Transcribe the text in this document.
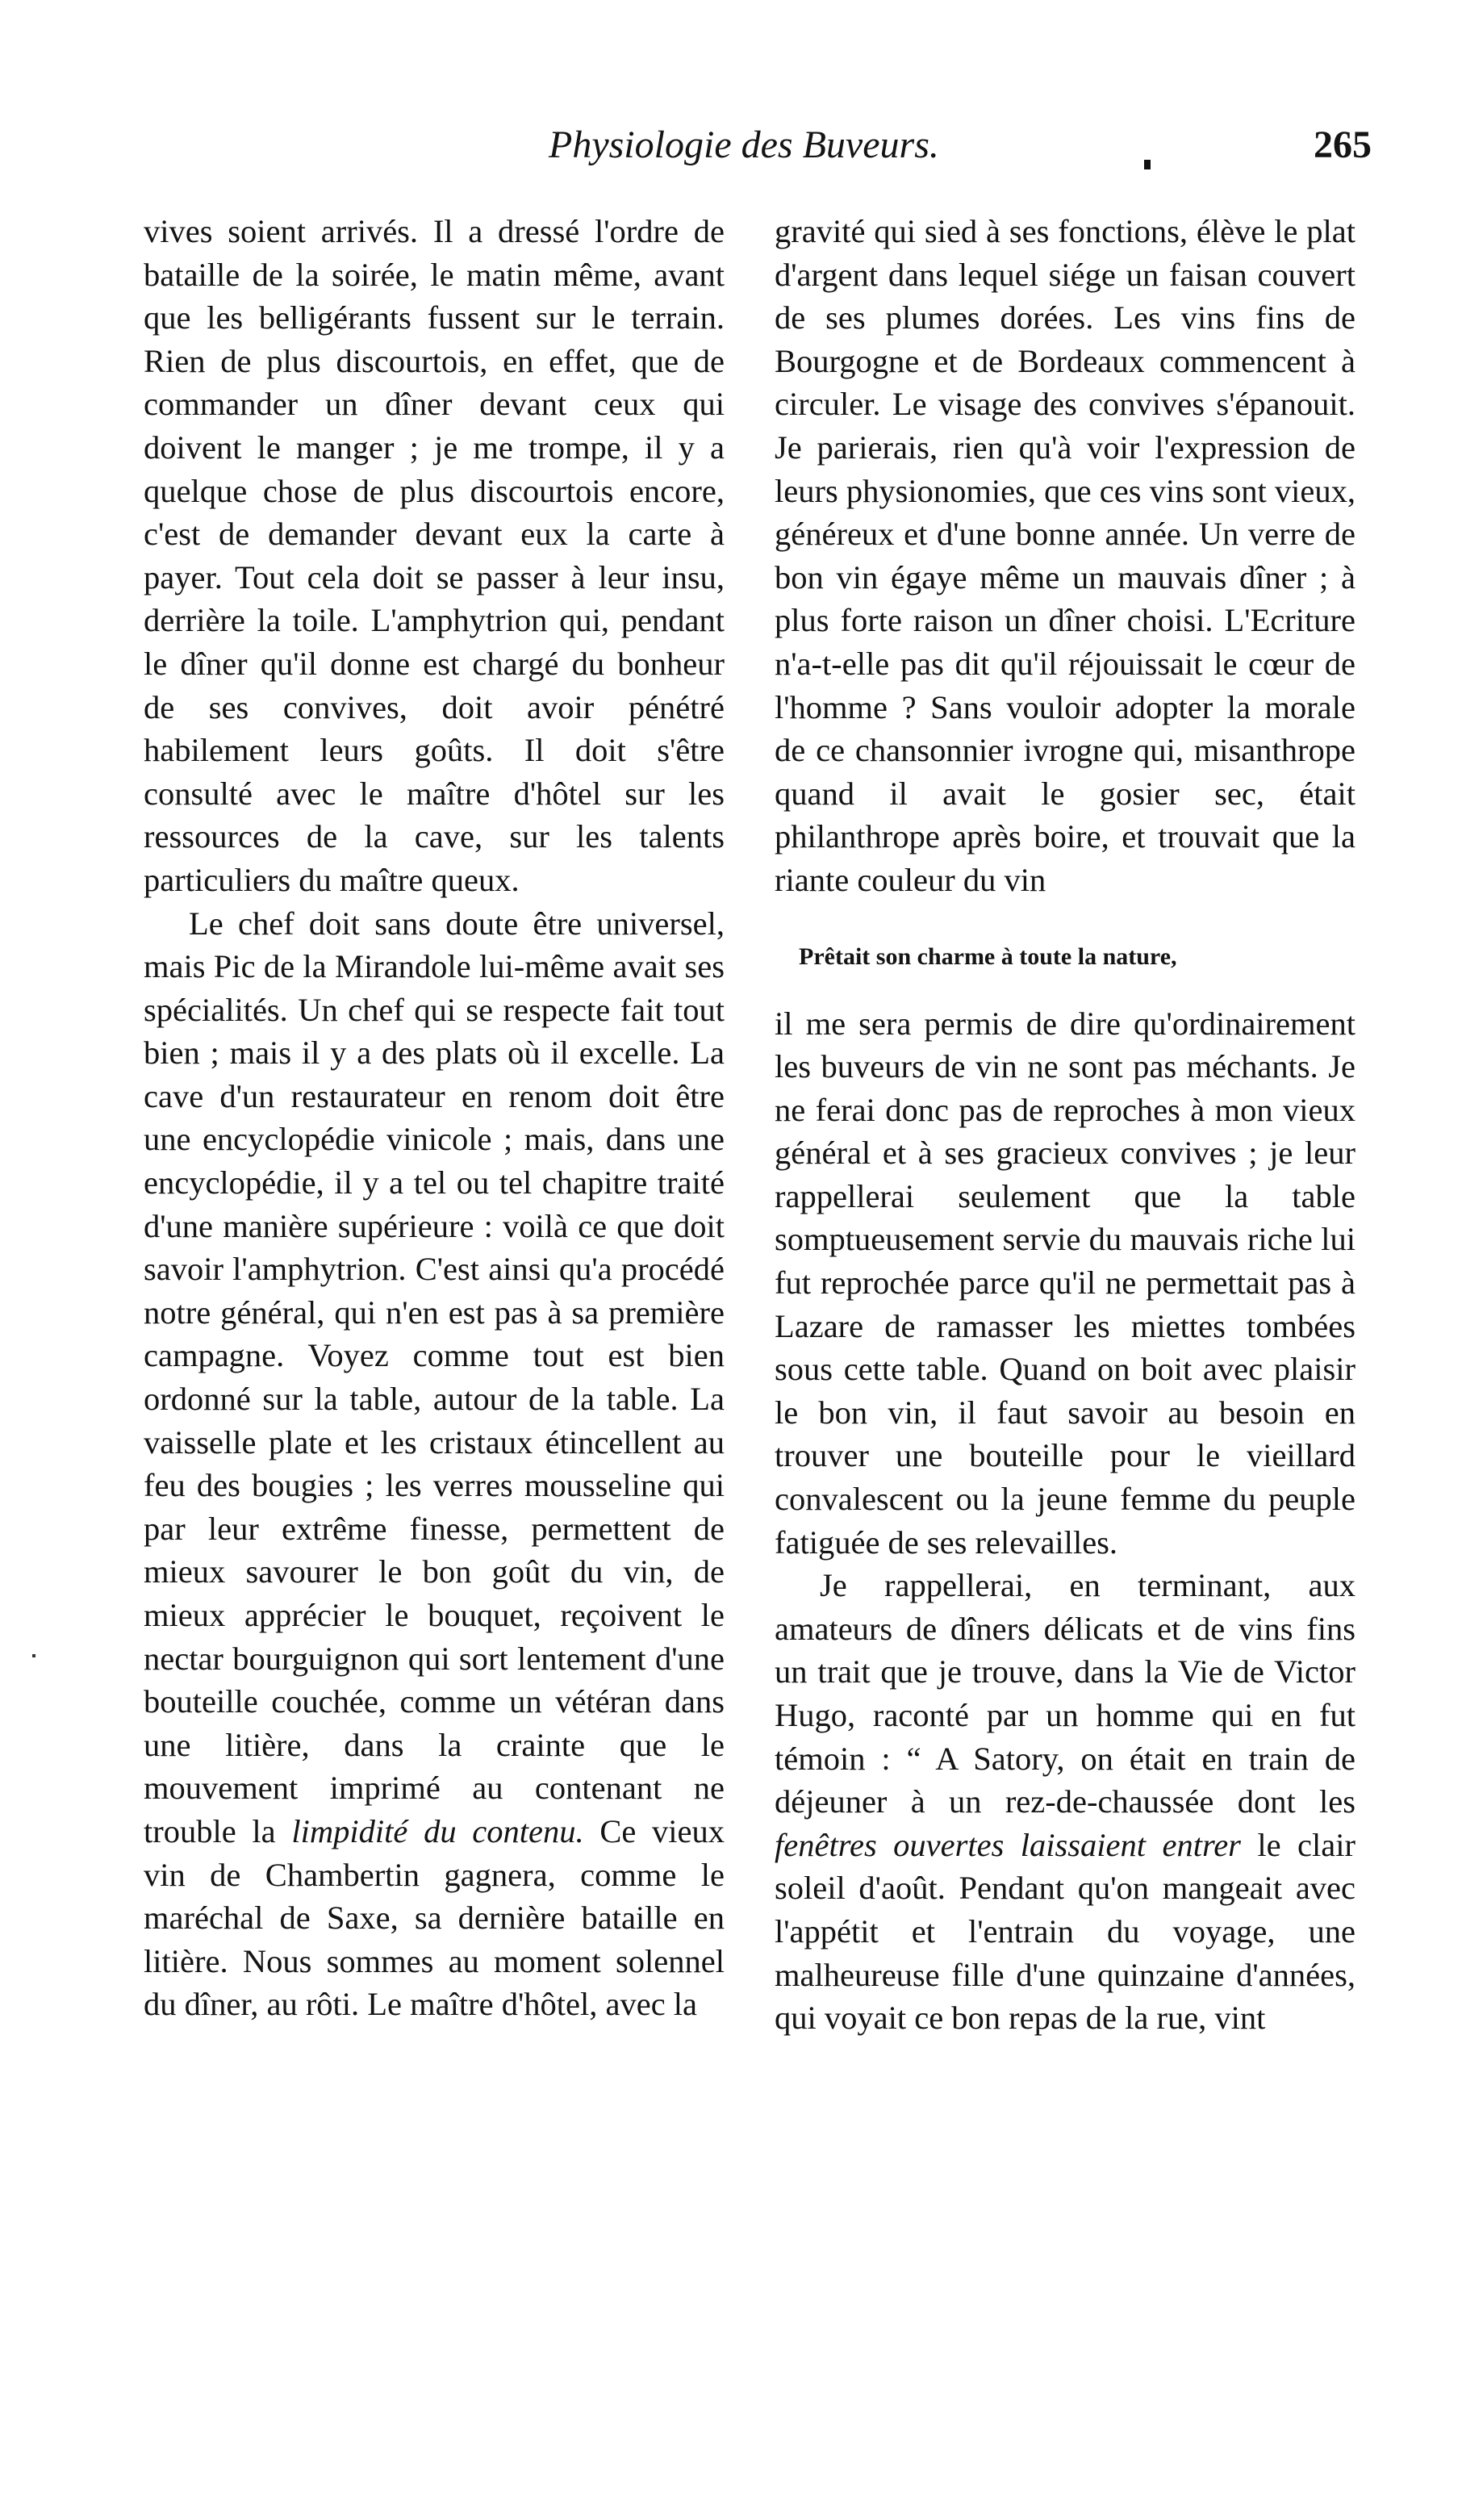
Physiologie des Buveurs.	265

vives soient arrivés. Il a dressé l'ordre de bataille de la soirée, le matin même, avant que les belligérants fussent sur le terrain. Rien de plus discourtois, en effet, que de commander un dîner devant ceux qui doivent le manger ; je me trompe, il y a quelque chose de plus discourtois encore, c'est de demander devant eux la carte à payer. Tout cela doit se passer à leur insu, derrière la toile. L'amphytrion qui, pendant le dîner qu'il donne est chargé du bonheur de ses convives, doit avoir pénétré habilement leurs goûts. Il doit s'être consulté avec le maître d'hôtel sur les ressources de la cave, sur les talents particuliers du maître queux.

Le chef doit sans doute être universel, mais Pic de la Mirandole lui-même avait ses spécialités. Un chef qui se respecte fait tout bien ; mais il y a des plats où il excelle. La cave d'un restaurateur en renom doit être une encyclopédie vinicole ; mais, dans une encyclopédie, il y a tel ou tel chapitre traité d'une manière supérieure : voilà ce que doit savoir l'amphytrion. C'est ainsi qu'a procédé notre général, qui n'en est pas à sa première campagne. Voyez comme tout est bien ordonné sur la table, autour de la table. La vaisselle plate et les cristaux étincellent au feu des bougies ; les verres mousseline qui par leur extrême finesse, permettent de mieux savourer le bon goût du vin, de mieux apprécier le bouquet, reçoivent le nectar bourguignon qui sort lentement d'une bouteille couchée, comme un vétéran dans une litière, dans la crainte que le mouvement imprimé au contenant ne trouble la limpidité du contenu. Ce vieux vin de Chambertin gagnera, comme le maréchal de Saxe, sa dernière bataille en litière. Nous sommes au moment solennel du dîner, au rôti. Le maître d'hôtel, avec la

gravité qui sied à ses fonctions, élève le plat d'argent dans lequel siége un faisan couvert de ses plumes dorées. Les vins fins de Bourgogne et de Bordeaux commencent à circuler. Le visage des convives s'épanouit. Je parierais, rien qu'à voir l'expression de leurs physionomies, que ces vins sont vieux, généreux et d'une bonne année. Un verre de bon vin égaye même un mauvais dîner ; à plus forte raison un dîner choisi. L'Ecriture n'a-t-elle pas dit qu'il réjouissait le cœur de l'homme ? Sans vouloir adopter la morale de ce chansonnier ivrogne qui, misanthrope quand il avait le gosier sec, était philanthrope après boire, et trouvait que la riante couleur du vin

Prêtait son charme à toute la nature,

il me sera permis de dire qu'ordinairement les buveurs de vin ne sont pas méchants. Je ne ferai donc pas de reproches à mon vieux général et à ses gracieux convives ; je leur rappellerai seulement que la table somptueusement servie du mauvais riche lui fut reprochée parce qu'il ne permettait pas à Lazare de ramasser les miettes tombées sous cette table. Quand on boit avec plaisir le bon vin, il faut savoir au besoin en trouver une bouteille pour le vieillard convalescent ou la jeune femme du peuple fatiguée de ses relevailles.

Je rappellerai, en terminant, aux amateurs de dîners délicats et de vins fins un trait que je trouve, dans la Vie de Victor Hugo, raconté par un homme qui en fut témoin : “ A Satory, on était en train de déjeuner à un rez-de-chaussée dont les fenêtres ouvertes laissaient entrer le clair soleil d'août. Pendant qu'on mangeait avec l'appétit et l'entrain du voyage, une malheureuse fille d'une quinzaine d'années, qui voyait ce bon repas de la rue, vint
